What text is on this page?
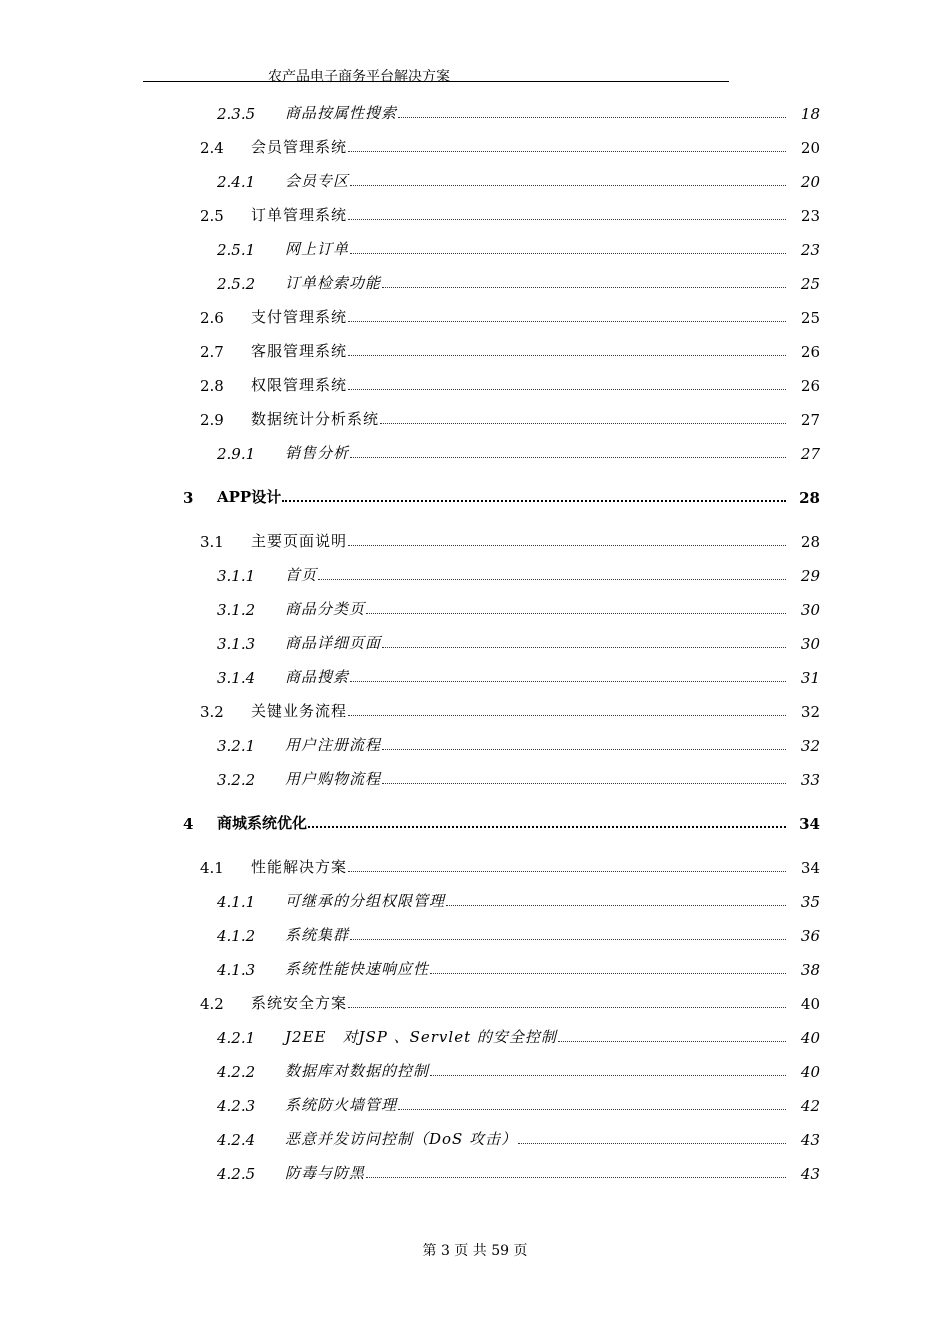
农产品电子商务平台解决方案
2.3.5 商品按属性搜索	18
2.4 会员管理系统	20
2.4.1 会员专区	20
2.5 订单管理系统	23
2.5.1 网上订单	23
2.5.2 订单检索功能	25
2.6 支付管理系统	25
2.7 客服管理系统	26
2.8 权限管理系统	26
2.9 数据统计分析系统	27
2.9.1 销售分析	27
3 APP设计	28
3.1 主要页面说明	28
3.1.1 首页	29
3.1.2 商品分类页	30
3.1.3 商品详细页面	30
3.1.4 商品搜索	31
3.2 关键业务流程	32
3.2.1 用户注册流程	32
3.2.2 用户购物流程	33
4 商城系统优化	34
4.1 性能解决方案	34
4.1.1 可继承的分组权限管理	35
4.1.2 系统集群	36
4.1.3 系统性能快速响应性	38
4.2 系统安全方案	40
4.2.1 J2EE　对JSP 、Servlet 的安全控制	40
4.2.2 数据库对数据的控制	40
4.2.3 系统防火墙管理	42
4.2.4 恶意并发访问控制（DoS 攻击）	43
4.2.5 防毒与防黑	43
第 3 页 共 59 页
